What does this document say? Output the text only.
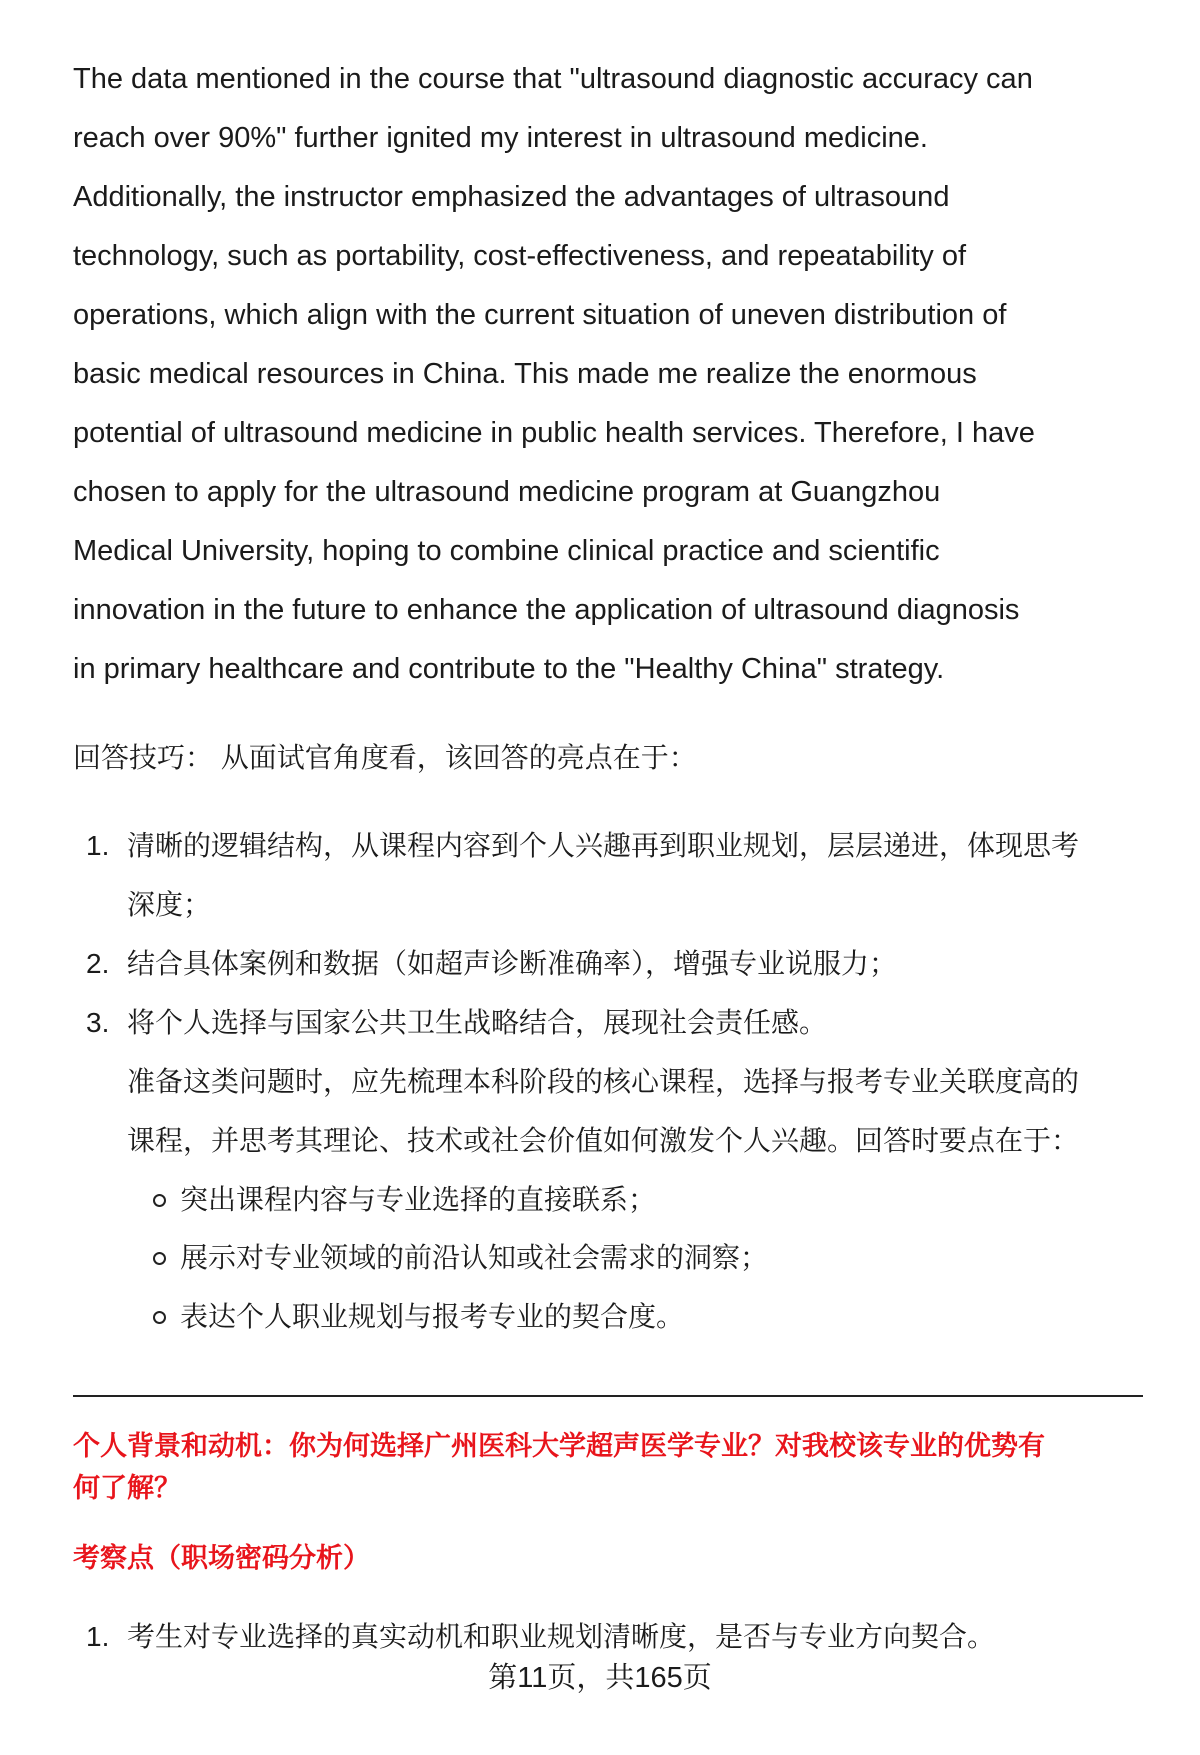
The data mentioned in the course that "ultrasound diagnostic accuracy can
reach over 90%" further ignited my interest in ultrasound medicine.
Additionally, the instructor emphasized the advantages of ultrasound
technology, such as portability, cost-effectiveness, and repeatability of
operations, which align with the current situation of uneven distribution of
basic medical resources in China. This made me realize the enormous
potential of ultrasound medicine in public health services. Therefore, I have
chosen to apply for the ultrasound medicine program at Guangzhou
Medical University, hoping to combine clinical practice and scientific
innovation in the future to enhance the application of ultrasound diagnosis
in primary healthcare and contribute to the "Healthy China" strategy.
回答技巧： 从面试官角度看，该回答的亮点在于：
1. 清晰的逻辑结构，从课程内容到个人兴趣再到职业规划，层层递进，体现思考
深度；
2. 结合具体案例和数据（如超声诊断准确率），增强专业说服力；
3. 将个人选择与国家公共卫生战略结合，展现社会责任感。
准备这类问题时，应先梳理本科阶段的核心课程，选择与报考专业关联度高的
课程，并思考其理论、技术或社会价值如何激发个人兴趣。回答时要点在于：
突出课程内容与专业选择的直接联系；
展示对专业领域的前沿认知或社会需求的洞察；
表达个人职业规划与报考专业的契合度。
个人背景和动机：你为何选择广州医科大学超声医学专业？对我校该专业的优势有
何了解？
考察点（职场密码分析）
1. 考生对专业选择的真实动机和职业规划清晰度，是否与专业方向契合。
第11页，共165页
